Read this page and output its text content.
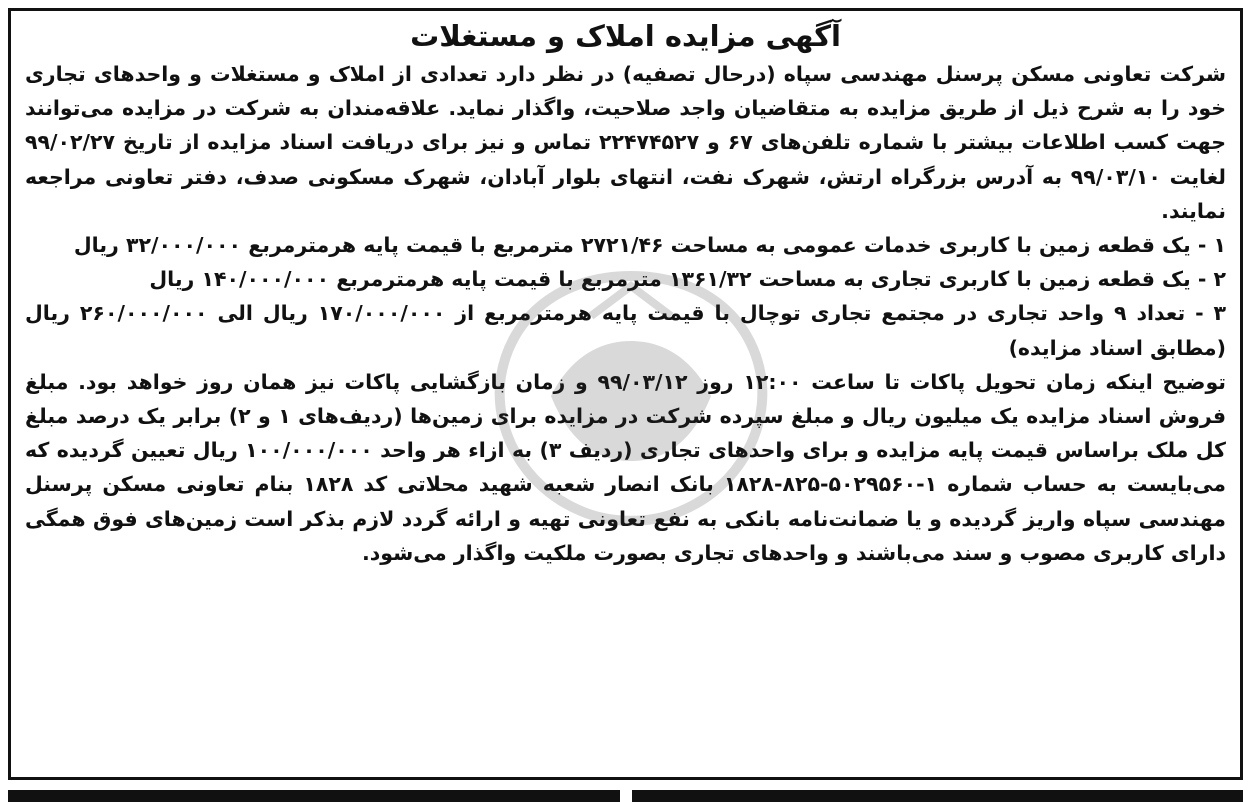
آگهی مزایده املاک و مستغلات

شرکت تعاونی مسکن پرسنل مهندسی سپاه (درحال تصفیه) در نظر دارد تعدادی از املاک و مستغلات و واحدهای تجاری خود را به شرح ذیل از طریق مزایده به متقاضیان واجد صلاحیت، واگذار نماید. علاقه‌مندان به شرکت در مزایده می‌توانند جهت کسب اطلاعات بیشتر با شماره تلفن‌های ۶۷ و ۲۲۴۷۴۵۲۷ تماس و نیز برای دریافت اسناد مزایده از تاریخ ۹۹/۰۲/۲۷ لغایت ۹۹/۰۳/۱۰ به آدرس بزرگراه ارتش، شهرک نفت، انتهای بلوار آبادان، شهرک مسکونی صدف، دفتر تعاونی مراجعه نمایند.

۱ - یک قطعه زمین با کاربری خدمات عمومی به مساحت ۲۷۲۱/۴۶ مترمربع با قیمت پایه هرمترمربع ۳۲/۰۰۰/۰۰۰ ریال

۲ - یک قطعه زمین با کاربری تجاری به مساحت ۱۳۶۱/۳۲ مترمربع با قیمت پایه هرمترمربع ۱۴۰/۰۰۰/۰۰۰ ریال

۳ - تعداد ۹ واحد تجاری در مجتمع تجاری توچال با قیمت پایه هرمترمربع از ۱۷۰/۰۰۰/۰۰۰ ریال الی ۲۶۰/۰۰۰/۰۰۰ ریال (مطابق اسناد مزایده)

توضیح اینکه زمان تحویل پاکات تا ساعت ۱۲:۰۰ روز ۹۹/۰۳/۱۲ و زمان بازگشایی پاکات نیز همان روز خواهد بود. مبلغ فروش اسناد مزایده یک میلیون ریال و مبلغ سپرده شرکت در مزایده برای زمین‌ها (ردیف‌های ۱ و ۲) برابر یک درصد مبلغ کل ملک براساس قیمت پایه مزایده و برای واحدهای تجاری (ردیف ۳) به ازاء هر واحد ۱۰۰/۰۰۰/۰۰۰ ریال تعیین گردیده که می‌بایست به حساب شماره ۱-۵۰۲۹۵۶۰-۸۲۵-۱۸۲۸ بانک انصار شعبه شهید محلاتی کد ۱۸۲۸ بنام تعاونی مسکن پرسنل مهندسی سپاه واریز گردیده و یا ضمانت‌نامه بانکی به نفع تعاونی تهیه و ارائه گردد لازم بذکر است زمین‌های فوق همگی دارای کاربری مصوب و سند می‌باشند و واحدهای تجاری بصورت ملکیت واگذار می‌شود.
